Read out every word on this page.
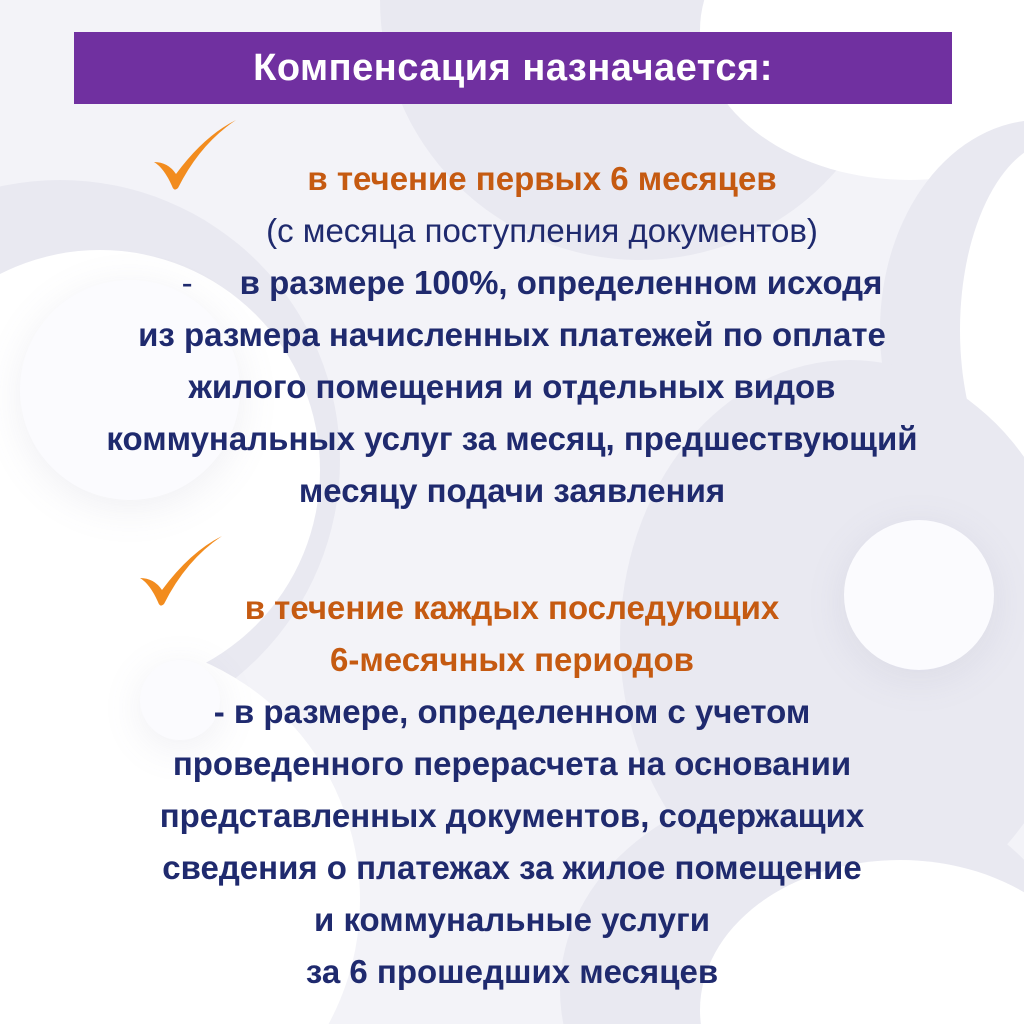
Компенсация назначается:
в течение первых 6 месяцев
(с месяца поступления документов)
- в размере 100%, определенном исходя
из размера начисленных платежей по оплате
жилого помещения и отдельных видов
коммунальных услуг за месяц, предшествующий
месяцу подачи заявления
в течение каждых последующих
6-месячных периодов
- в размере, определенном с учетом
проведенного перерасчета на основании
представленных документов, содержащих
сведения о платежах за жилое помещение
и коммунальные услуги
за 6 прошедших месяцев
